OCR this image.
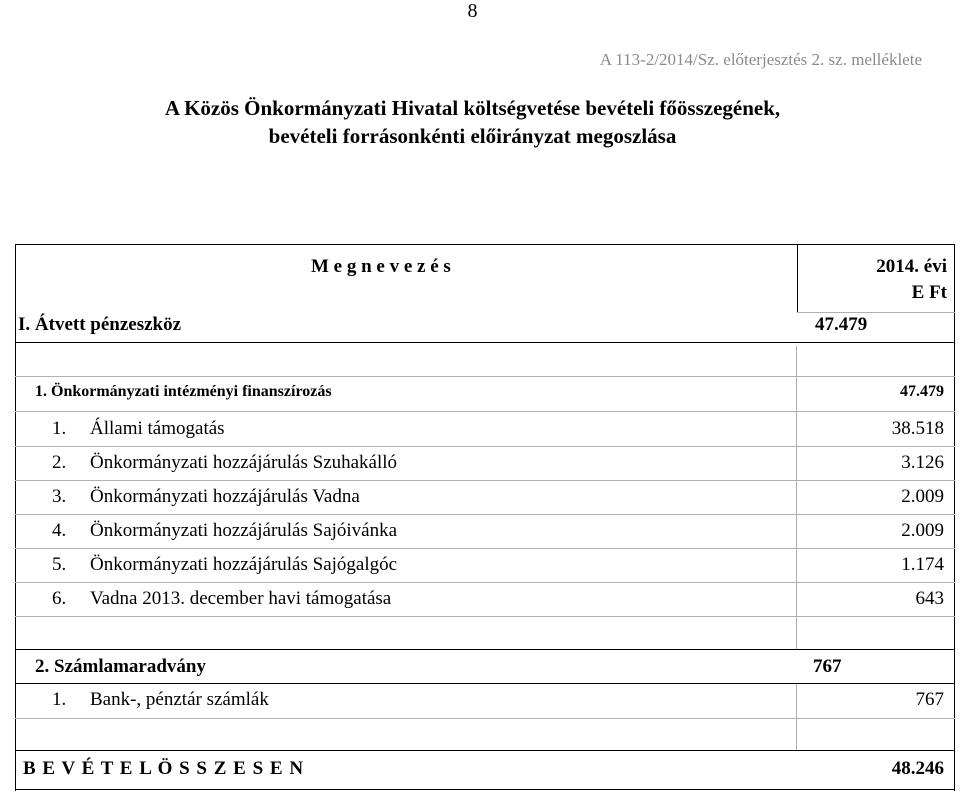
8
A 113-2/2014/Sz. előterjesztés 2. sz. melléklete
A Közös Önkormányzati Hivatal költségvetése bevételi főösszegének,
bevételi forrásonkénti előirányzat megoszlása
M e g n e v e z é s	2014. évi
E Ft
I. Átvett pénzeszköz	47.479
1. Önkormányzati intézményi finanszírozás	47.479
1. Állami támogatás	38.518
2. Önkormányzati hozzájárulás Szuhakálló	3.126
3. Önkormányzati hozzájárulás Vadna	2.009
4. Önkormányzati hozzájárulás Sajóivánka	2.009
5. Önkormányzati hozzájárulás Sajógalgóc	1.174
6. Vadna 2013. december havi támogatása	643
2. Számlamaradvány	767
1. Bank-, pénztár számlák	767
B E V É T E L Ö S S Z E S E N	48.246
